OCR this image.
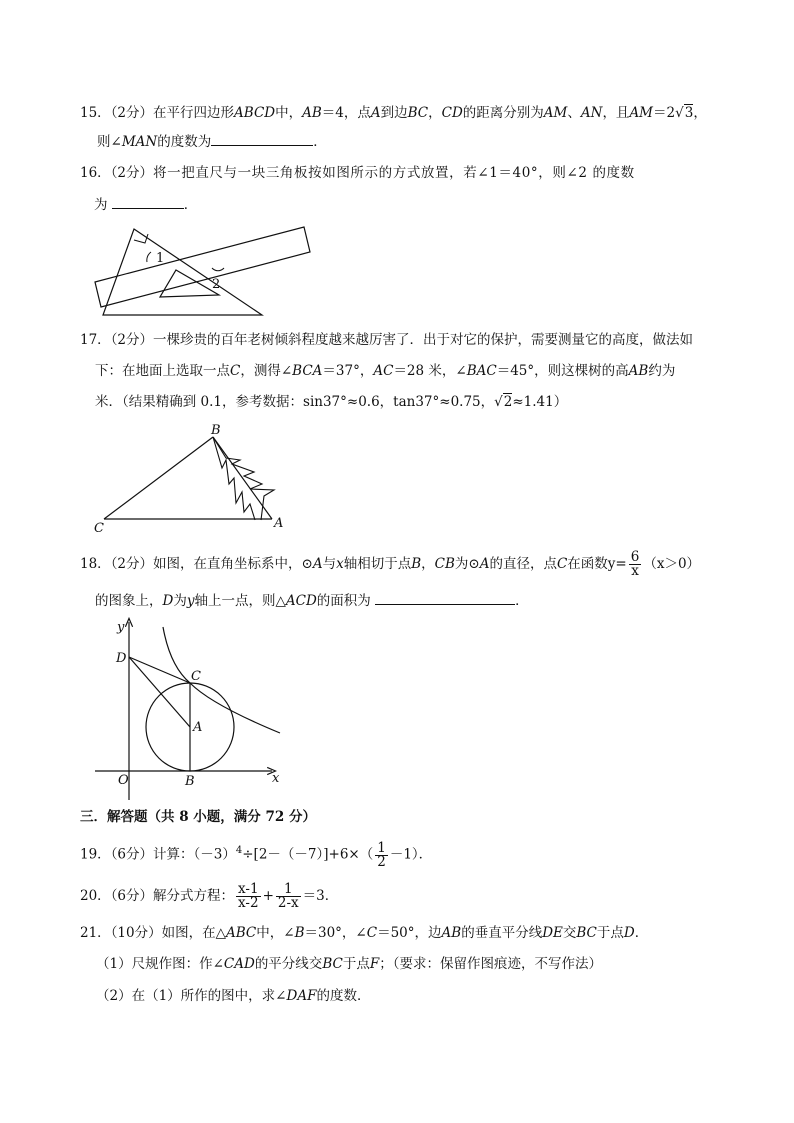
15．（2分）在平行四边形ABCD中，AB＝4，点A到边BC，CD的距离分别为AM、AN，且AM＝2√3，
则∠MAN的度数为	．
16．（2分）将一把直尺与一块三角板按如图所示的方式放置，若∠1＝40°，则∠2 的度数
为	．
1
2
17．（2分）一棵珍贵的百年老树倾斜程度越来越厉害了．出于对它的保护，需要测量它的高度，做法如
下：在地面上选取一点C，测得∠BCA＝37°，AC＝28 米，∠BAC＝45°，则这棵树的高AB约为
米．（结果精确到 0.1，参考数据：sin37°≈0.6，tan37°≈0.75，√2≈1.41）
B
C	A
18．（2分）如图，在直角坐标系中，⊙A与x轴相切于点B，CB为⊙A的直径，点C在函数$y= \frac{6}{x} (x>0)$
的图象上，D为y轴上一点，则△ACD的面积为	．
y
x
D
C
A
O	B
三．解答题（共 8 小题，满分 72 分）
19．（6分）计算：$(-3)^4\div[2-(-7)]+6\times( \frac{1}{2} -1)$．
20．（6分）解分式方程： $\frac{x-1}{x-2} + \frac{1}{2-x} =3$．
21．（10分）如图，在△ABC中，∠B＝30°，∠C＝50°，边AB的垂直平分线DE交BC于点D．
（1）尺规作图：作∠CAD的平分线交BC于点F；（要求：保留作图痕迹，不写作法）
（2）在（1）所作的图中，求∠DAF的度数．
